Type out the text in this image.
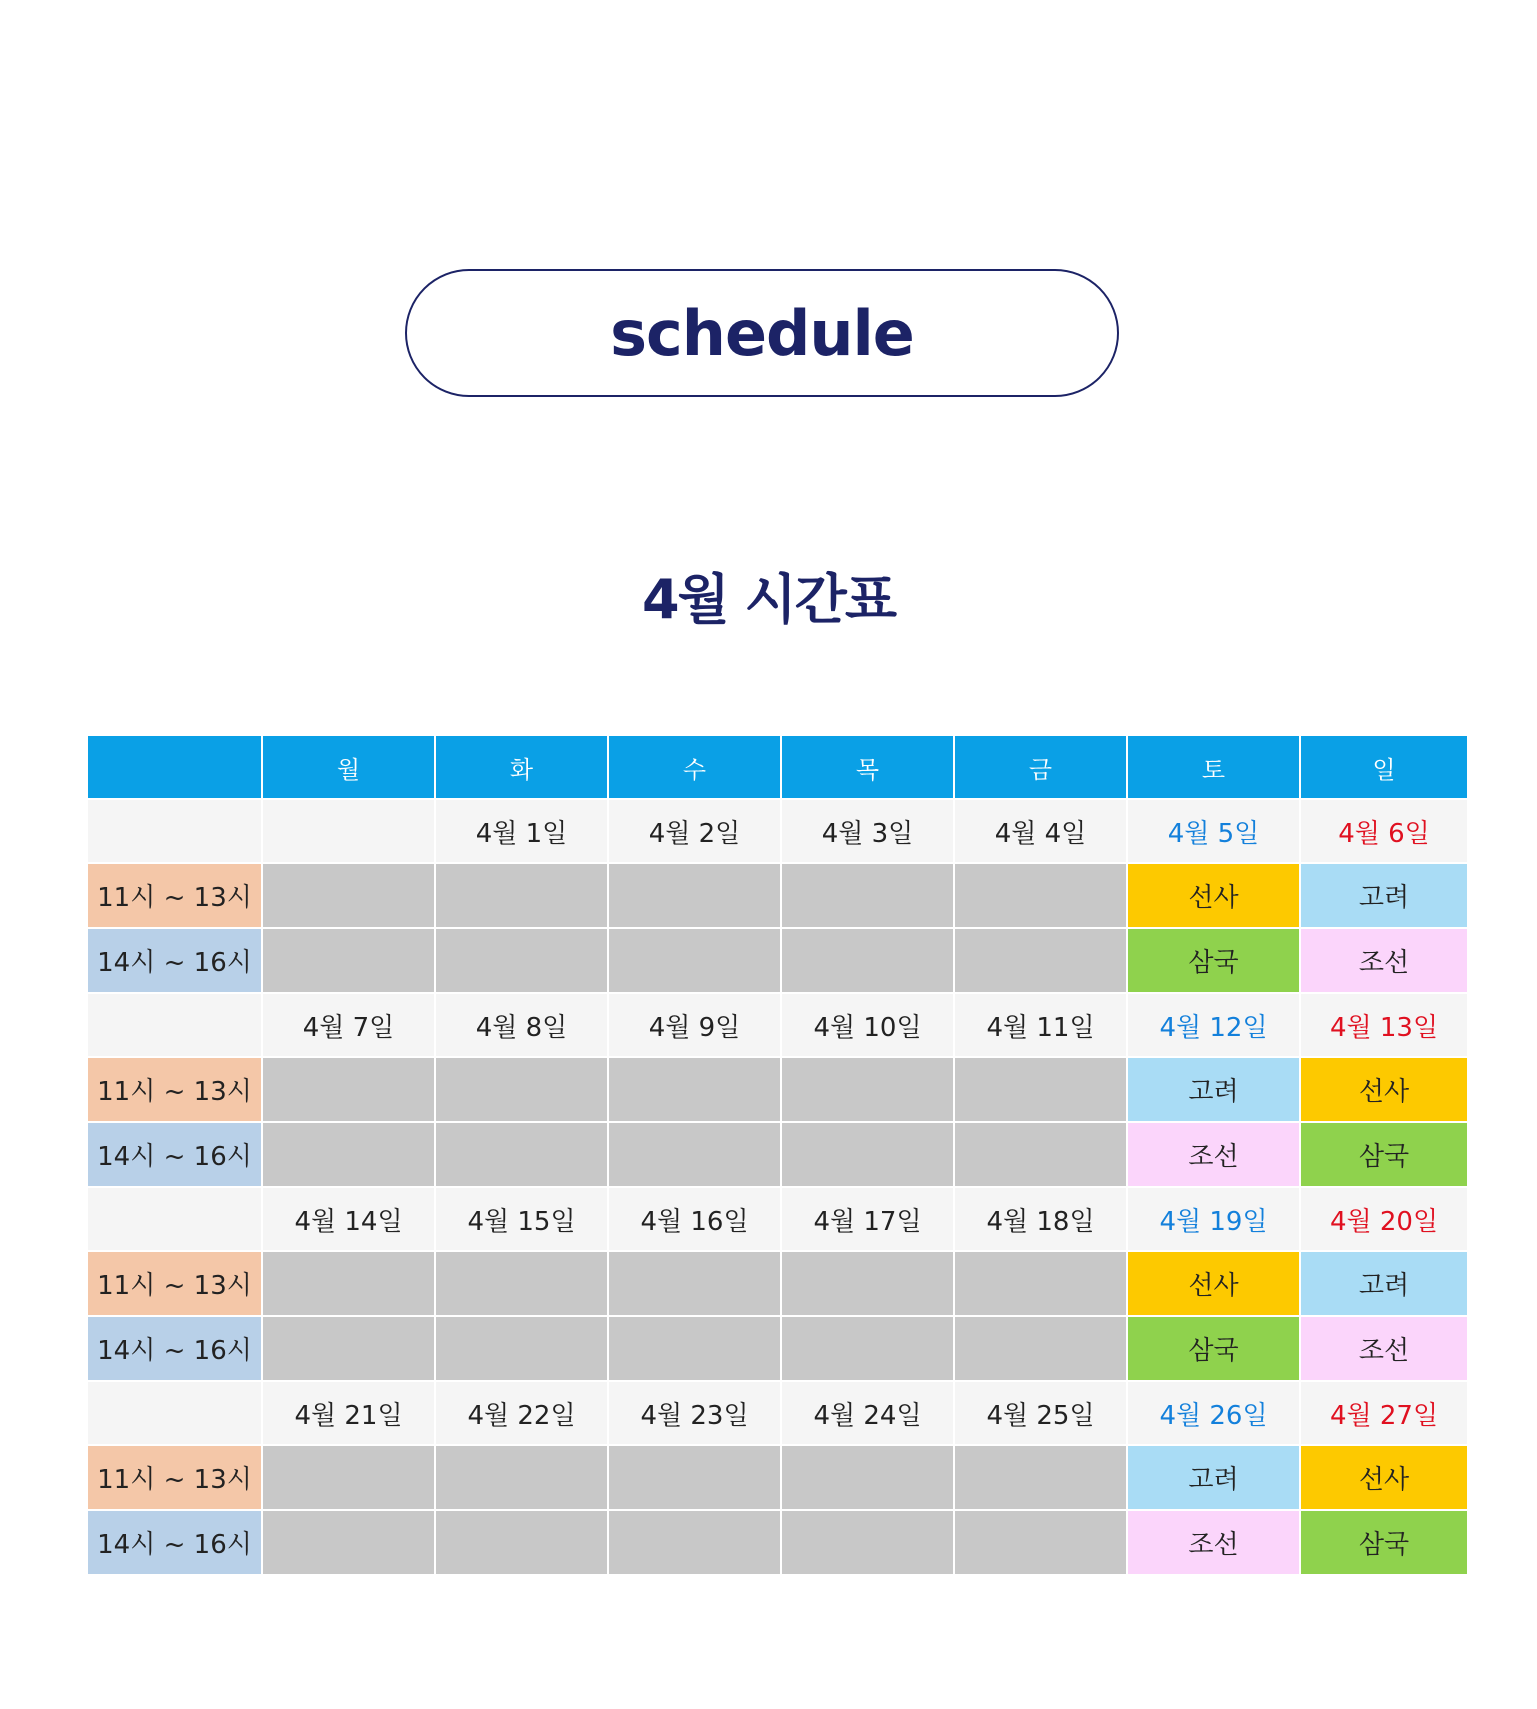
schedule
4월 시간표
	월	화	수	목	금	토	일
		4월 1일	4월 2일	4월 3일	4월 4일	4월 5일	4월 6일
11시 ~ 13시						선사	고려
14시 ~ 16시						삼국	조선
	4월 7일	4월 8일	4월 9일	4월 10일	4월 11일	4월 12일	4월 13일
11시 ~ 13시						고려	선사
14시 ~ 16시						조선	삼국
	4월 14일	4월 15일	4월 16일	4월 17일	4월 18일	4월 19일	4월 20일
11시 ~ 13시						선사	고려
14시 ~ 16시						삼국	조선
	4월 21일	4월 22일	4월 23일	4월 24일	4월 25일	4월 26일	4월 27일
11시 ~ 13시						고려	선사
14시 ~ 16시						조선	삼국
